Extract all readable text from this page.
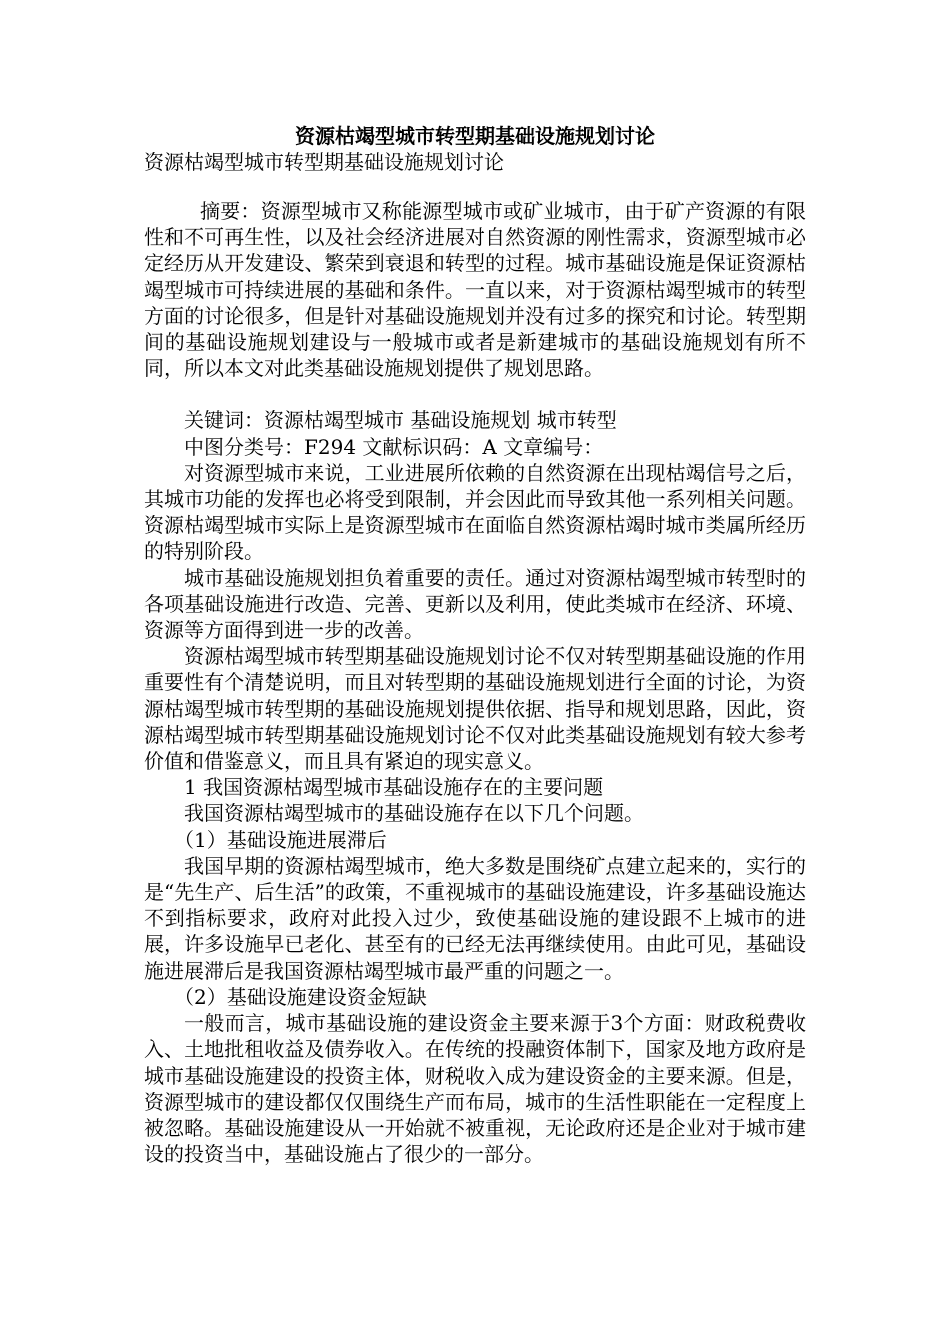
资源枯竭型城市转型期基础设施规划讨论
资源枯竭型城市转型期基础设施规划讨论

摘要：资源型城市又称能源型城市或矿业城市，由于矿产资源的有限性和不可再生性，以及社会经济进展对自然资源的刚性需求，资源型城市必定经历从开发建设、繁荣到衰退和转型的过程。城市基础设施是保证资源枯竭型城市可持续进展的基础和条件。一直以来，对于资源枯竭型城市的转型方面的讨论很多，但是针对基础设施规划并没有过多的探究和讨论。转型期间的基础设施规划建设与一般城市或者是新建城市的基础设施规划有所不同，所以本文对此类基础设施规划提供了规划思路。

关键词：资源枯竭型城市 基础设施规划 城市转型

中图分类号：F294 文献标识码：A 文章编号：

对资源型城市来说，工业进展所依赖的自然资源在出现枯竭信号之后，其城市功能的发挥也必将受到限制，并会因此而导致其他一系列相关问题。资源枯竭型城市实际上是资源型城市在面临自然资源枯竭时城市类属所经历的特别阶段。

城市基础设施规划担负着重要的责任。通过对资源枯竭型城市转型时的各项基础设施进行改造、完善、更新以及利用，使此类城市在经济、环境、资源等方面得到进一步的改善。

资源枯竭型城市转型期基础设施规划讨论不仅对转型期基础设施的作用重要性有个清楚说明，而且对转型期的基础设施规划进行全面的讨论，为资源枯竭型城市转型期的基础设施规划提供依据、指导和规划思路，因此，资源枯竭型城市转型期基础设施规划讨论不仅对此类基础设施规划有较大参考价值和借鉴意义，而且具有紧迫的现实意义。

1 我国资源枯竭型城市基础设施存在的主要问题

我国资源枯竭型城市的基础设施存在以下几个问题。

（1）基础设施进展滞后

我国早期的资源枯竭型城市，绝大多数是围绕矿点建立起来的，实行的是“先生产、后生活”的政策，不重视城市的基础设施建设，许多基础设施达不到指标要求，政府对此投入过少，致使基础设施的建设跟不上城市的进展，许多设施早已老化、甚至有的已经无法再继续使用。由此可见，基础设施进展滞后是我国资源枯竭型城市最严重的问题之一。

（2）基础设施建设资金短缺

一般而言，城市基础设施的建设资金主要来源于3个方面：财政税费收入、土地批租收益及债券收入。在传统的投融资体制下，国家及地方政府是城市基础设施建设的投资主体，财税收入成为建设资金的主要来源。但是，资源型城市的建设都仅仅围绕生产而布局，城市的生活性职能在一定程度上被忽略。基础设施建设从一开始就不被重视，无论政府还是企业对于城市建设的投资当中，基础设施占了很少的一部分。
